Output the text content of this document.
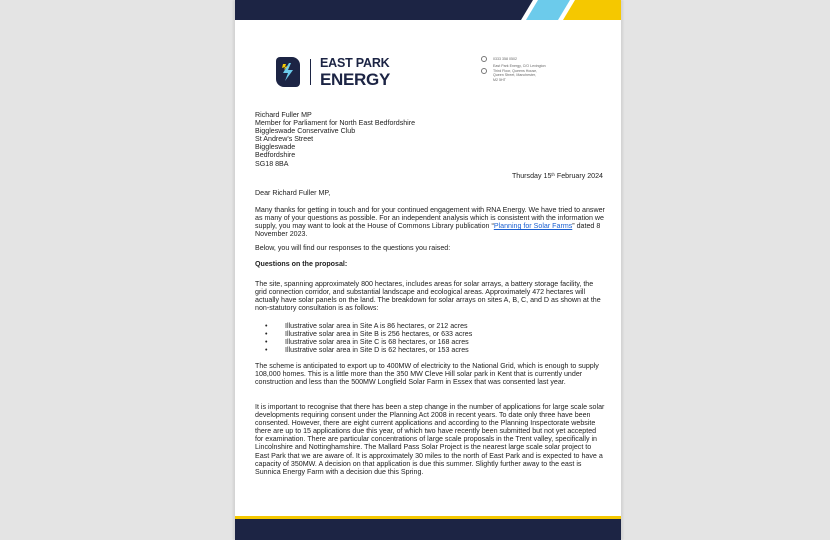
EAST PARK
ENERGY
0333 358 0502
East Park Energy, C/O Lexington
Third Floor, Queens House,
Queen Street, Manchester,
M2 5HT
Richard Fuller MP
Member for Parliament for North East Bedfordshire
Biggleswade Conservative Club
St Andrew's Street
Biggleswade
Bedfordshire
SG18 8BA
Thursday 15th February 2024
Dear Richard Fuller MP,
Many thanks for getting in touch and for your continued engagement with RNA Energy. We have tried to answer as many of your questions as possible. For an independent analysis which is consistent with the information we supply, you may want to look at the House of Commons Library publication “Planning for Solar Farms” dated 8 November 2023.
Below, you will find our responses to the questions you raised:
Questions on the proposal:
The site, spanning approximately 800 hectares, includes areas for solar arrays, a battery storage facility, the grid connection corridor, and substantial landscape and ecological areas. Approximately 472 hectares will actually have solar panels on the land. The breakdown for solar arrays on sites A, B, C, and D as shown at the non-statutory consultation is as follows:
• Illustrative solar area in Site A is 86 hectares, or 212 acres
• Illustrative solar area in Site B is 256 hectares, or 633 acres
• Illustrative solar area in Site C is 68 hectares, or 168 acres
• Illustrative solar area in Site D is 62 hectares, or 153 acres
The scheme is anticipated to export up to 400MW of electricity to the National Grid, which is enough to supply 108,000 homes. This is a little more than the 350 MW Cleve Hill solar park in Kent that is currently under construction and less than the 500MW Longfield Solar Farm in Essex that was consented last year.
It is important to recognise that there has been a step change in the number of applications for large scale solar developments requiring consent under the Planning Act 2008 in recent years. To date only three have been consented. However, there are eight current applications and according to the Planning Inspectorate website there are up to 15 applications due this year, of which two have recently been submitted but not yet accepted for examination. There are particular concentrations of large scale proposals in the Trent valley, specifically in Lincolnshire and Nottinghamshire. The Mallard Pass Solar Project is the nearest large scale solar project to East Park that we are aware of. It is approximately 30 miles to the north of East Park and is expected to have a capacity of 350MW. A decision on that application is due this summer. Slightly further away to the east is Sunnica Energy Farm with a decision due this Spring.
